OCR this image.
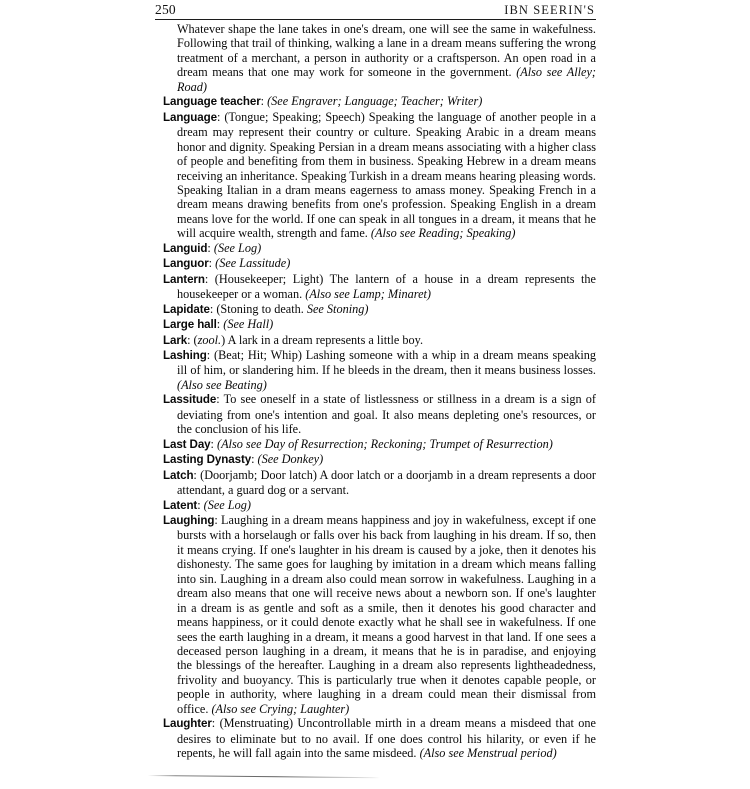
250	IBN SEERIN'S

Whatever shape the lane takes in one's dream, one will see the same in wakefulness. Following that trail of thinking, walking a lane in a dream means suffering the wrong treatment of a merchant, a person in authority or a craftsperson. An open road in a dream means that one may work for someone in the government. (Also see Alley; Road)

Language teacher: (See Engraver; Language; Teacher; Writer)

Language: (Tongue; Speaking; Speech) Speaking the language of another people in a dream may represent their country or culture. Speaking Arabic in a dream means honor and dignity. Speaking Persian in a dream means associating with a higher class of people and benefiting from them in business. Speaking Hebrew in a dream means receiving an inheritance. Speaking Turkish in a dream means hearing pleasing words. Speaking Italian in a dram means eagerness to amass money. Speaking French in a dream means drawing benefits from one's profession. Speaking English in a dream means love for the world. If one can speak in all tongues in a dream, it means that he will acquire wealth, strength and fame. (Also see Reading; Speaking)

Languid: (See Log)

Languor: (See Lassitude)

Lantern: (Housekeeper; Light) The lantern of a house in a dream represents the housekeeper or a woman. (Also see Lamp; Minaret)

Lapidate: (Stoning to death. See Stoning)

Large hall: (See Hall)

Lark: (zool.) A lark in a dream represents a little boy.

Lashing: (Beat; Hit; Whip) Lashing someone with a whip in a dream means speaking ill of him, or slandering him. If he bleeds in the dream, then it means business losses. (Also see Beating)

Lassitude: To see oneself in a state of listlessness or stillness in a dream is a sign of deviating from one's intention and goal. It also means depleting one's resources, or the conclusion of his life.

Last Day: (Also see Day of Resurrection; Reckoning; Trumpet of Resurrection)

Lasting Dynasty: (See Donkey)

Latch: (Doorjamb; Door latch) A door latch or a doorjamb in a dream represents a door attendant, a guard dog or a servant.

Latent: (See Log)

Laughing: Laughing in a dream means happiness and joy in wakefulness, except if one bursts with a horselaugh or falls over his back from laughing in his dream. If so, then it means crying. If one's laughter in his dream is caused by a joke, then it denotes his dishonesty. The same goes for laughing by imitation in a dream which means falling into sin. Laughing in a dream also could mean sorrow in wakefulness. Laughing in a dream also means that one will receive news about a newborn son. If one's laughter in a dream is as gentle and soft as a smile, then it denotes his good character and means happiness, or it could denote exactly what he shall see in wakefulness. If one sees the earth laughing in a dream, it means a good harvest in that land. If one sees a deceased person laughing in a dream, it means that he is in paradise, and enjoying the blessings of the hereafter. Laughing in a dream also represents lightheadedness, frivolity and buoyancy. This is particularly true when it denotes capable people, or people in authority, where laughing in a dream could mean their dismissal from office. (Also see Crying; Laughter)

Laughter: (Menstruating) Uncontrollable mirth in a dream means a misdeed that one desires to eliminate but to no avail. If one does control his hilarity, or even if he repents, he will fall again into the same misdeed. (Also see Menstrual period)
